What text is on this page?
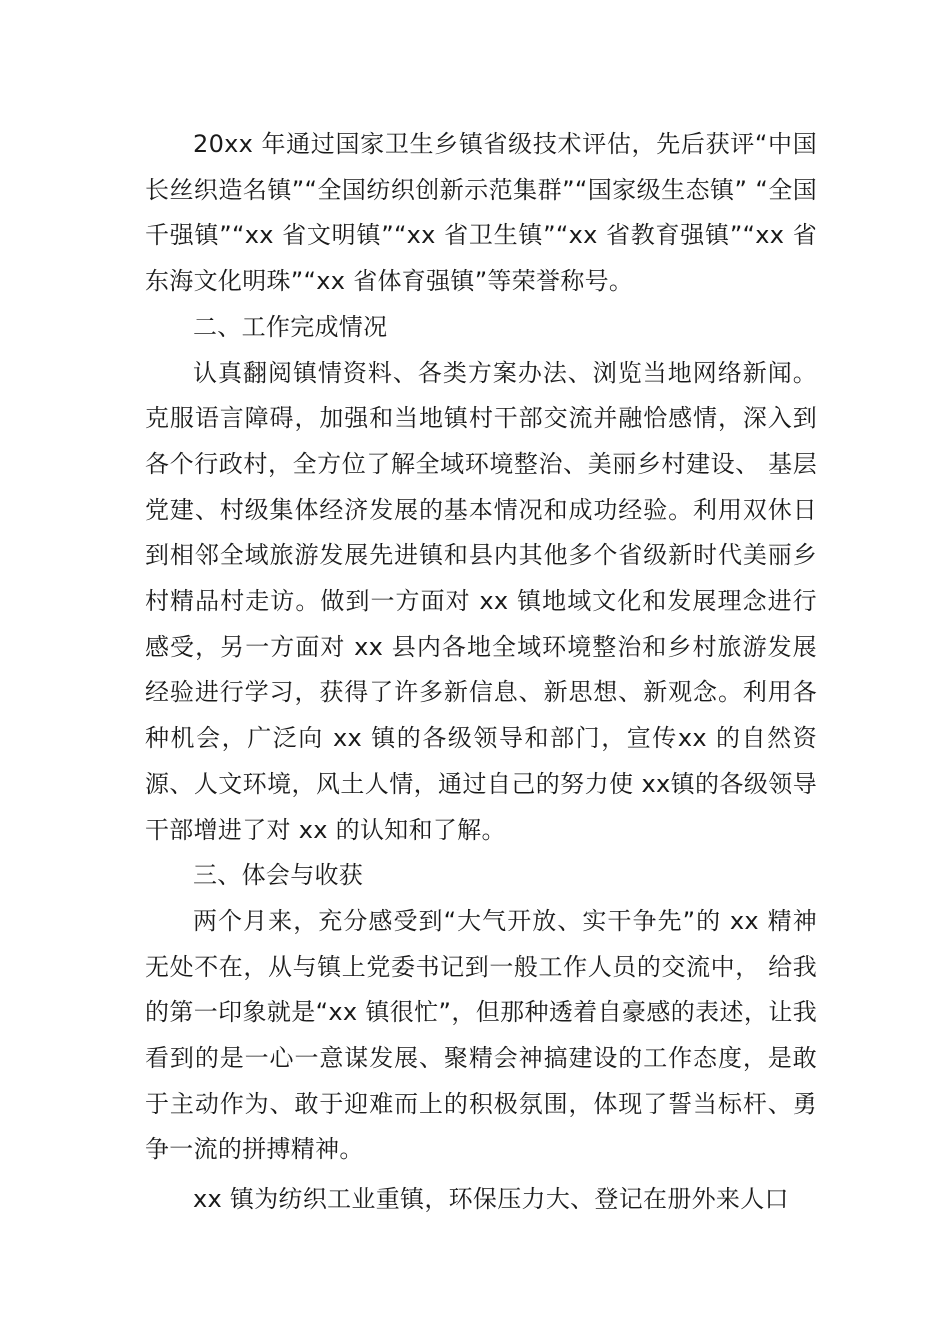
20xx 年通过国家卫生乡镇省级技术评估，先后获评“中国长丝织造名镇”“全国纺织创新示范集群”“国家级生态镇” “全国千强镇”“xx 省文明镇”“xx 省卫生镇”“xx 省教育强镇”“xx 省东海文化明珠”“xx 省体育强镇”等荣誉称号。

二、工作完成情况

认真翻阅镇情资料、各类方案办法、浏览当地网络新闻。克服语言障碍，加强和当地镇村干部交流并融恰感情，深入到各个行政村，全方位了解全域环境整治、美丽乡村建设、 基层党建、村级集体经济发展的基本情况和成功经验。利用双休日到相邻全域旅游发展先进镇和县内其他多个省级新时代美丽乡村精品村走访。做到一方面对 xx 镇地域文化和发展理念进行感受，另一方面对 xx 县内各地全域环境整治和乡村旅游发展经验进行学习，获得了许多新信息、新思想、新观念。利用各种机会，广泛向 xx 镇的各级领导和部门，宣传xx 的自然资源、人文环境，风土人情，通过自己的努力使 xx镇的各级领导干部增进了对 xx 的认知和了解。

三、体会与收获

两个月来，充分感受到“大气开放、实干争先”的 xx 精神无处不在，从与镇上党委书记到一般工作人员的交流中， 给我的第一印象就是“xx 镇很忙”，但那种透着自豪感的表述，让我看到的是一心一意谋发展、聚精会神搞建设的工作态度，是敢于主动作为、敢于迎难而上的积极氛围，体现了誓当标杆、勇争一流的拼搏精神。

xx 镇为纺织工业重镇，环保压力大、登记在册外来人口
